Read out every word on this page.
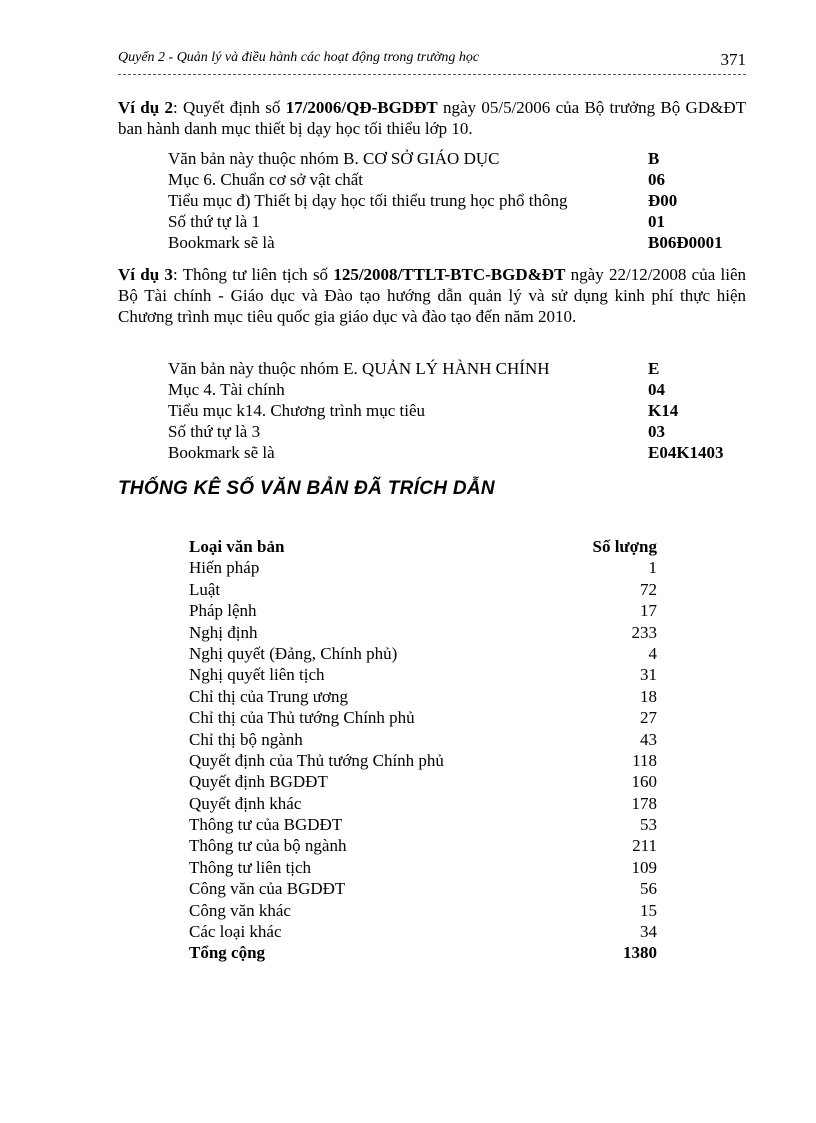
Quyển 2 - Quản lý và điều hành các hoạt động trong trường học	371

Ví dụ 2: Quyết định số 17/2006/QĐ-BGDĐT ngày 05/5/2006 của Bộ trưởng Bộ GD&ĐT ban hành danh mục thiết bị dạy học tối thiểu lớp 10.

Văn bản này thuộc nhóm B. CƠ SỞ GIÁO DỤC	B
Mục 6. Chuẩn cơ sở vật chất	06
Tiểu mục đ) Thiết bị dạy học tối thiểu trung học phổ thông	Đ00
Số thứ tự là 1	01
Bookmark sẽ là	B06Đ0001

Ví dụ 3: Thông tư liên tịch số 125/2008/TTLT-BTC-BGD&ĐT ngày 22/12/2008 của liên Bộ Tài chính - Giáo dục và Đào tạo hướng dẫn quản lý và sử dụng kinh phí thực hiện Chương trình mục tiêu quốc gia giáo dục và đào tạo đến năm 2010.

Văn bản này thuộc nhóm E. QUẢN LÝ HÀNH CHÍNH	E
Mục 4. Tài chính	04
Tiểu mục k14. Chương trình mục tiêu	K14
Số thứ tự là 3	03
Bookmark sẽ là	E04K1403
THỐNG KÊ SỐ VĂN BẢN ĐÃ TRÍCH DẪN
Loại văn bản	Số lượng
Hiến pháp	1
Luật	72
Pháp lệnh	17
Nghị định	233
Nghị quyết (Đảng, Chính phủ)	4
Nghị quyết liên tịch	31
Chỉ thị của Trung ương	18
Chỉ thị của Thủ tướng Chính phủ	27
Chỉ thị bộ ngành	43
Quyết định của Thủ tướng Chính phủ	118
Quyết định BGDĐT	160
Quyết định khác	178
Thông tư của BGDĐT	53
Thông tư của bộ ngành	211
Thông tư liên tịch	109
Công văn của BGDĐT	56
Công văn khác	15
Các loại khác	34
Tổng cộng	1380
